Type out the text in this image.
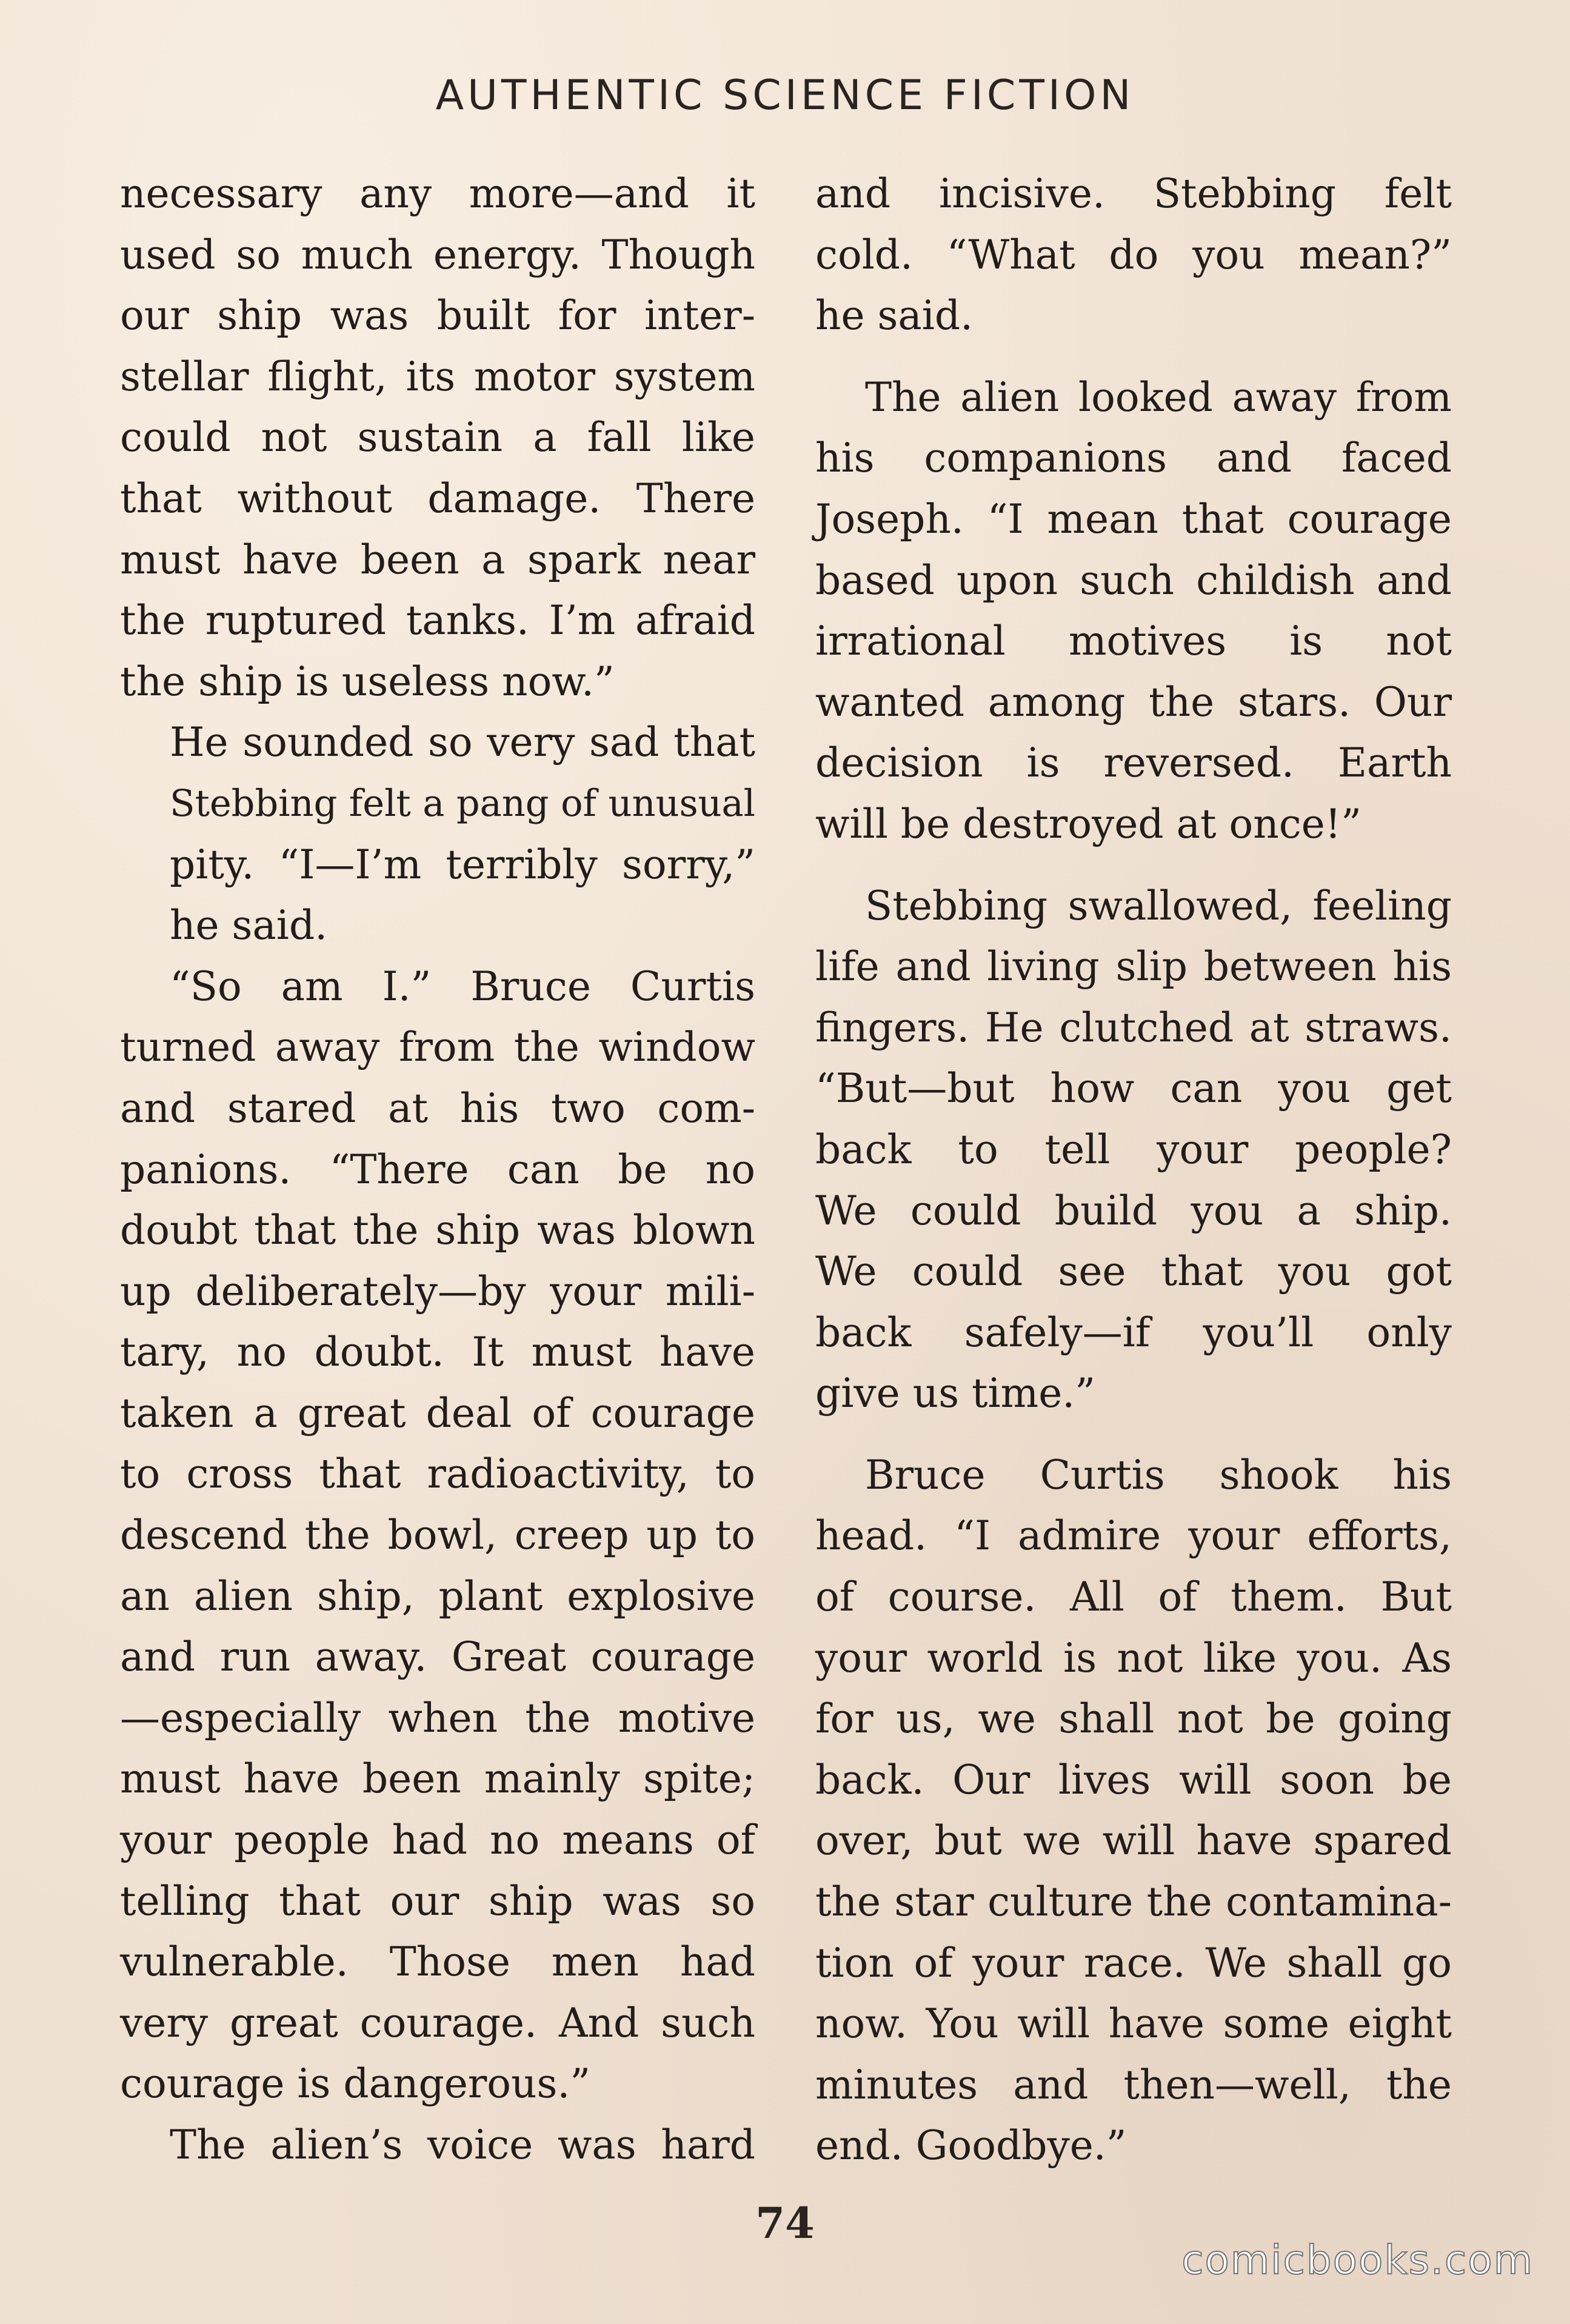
AUTHENTIC SCIENCE FICTION

necessary any more—and it
used so much energy. Though
our ship was built for inter-
stellar flight, its motor system
could not sustain a fall like
that without damage. There
must have been a spark near
the ruptured tanks. I’m afraid
the ship is useless now.”

He sounded so very sad that
Stebbing felt a pang of unusual
pity. “I—I’m terribly sorry,”
he said.

“So am I.” Bruce Curtis
turned away from the window
and stared at his two com-
panions. “There can be no
doubt that the ship was blown
up deliberately—by your mili-
tary, no doubt. It must have
taken a great deal of courage
to cross that radioactivity, to
descend the bowl, creep up to
an alien ship, plant explosive
and run away. Great courage
—especially when the motive
must have been mainly spite;
your people had no means of
telling that our ship was so
vulnerable. Those men had
very great courage. And such
courage is dangerous.”

The alien’s voice was hard

and incisive. Stebbing felt
cold. “What do you mean?”
he said.

The alien looked away from
his companions and faced
Joseph. “I mean that courage
based upon such childish and
irrational motives is not
wanted among the stars. Our
decision is reversed. Earth
will be destroyed at once!”

Stebbing swallowed, feeling
life and living slip between his
fingers. He clutched at straws.
“But—but how can you get
back to tell your people?
We could build you a ship.
We could see that you got
back safely—if you’ll only
give us time.”

Bruce Curtis shook his
head. “I admire your efforts,
of course. All of them. But
your world is not like you. As
for us, we shall not be going
back. Our lives will soon be
over, but we will have spared
the star culture the contamina-
tion of your race. We shall go
now. You will have some eight
minutes and then—well, the
end. Goodbye.”

74
comicbooks.com
